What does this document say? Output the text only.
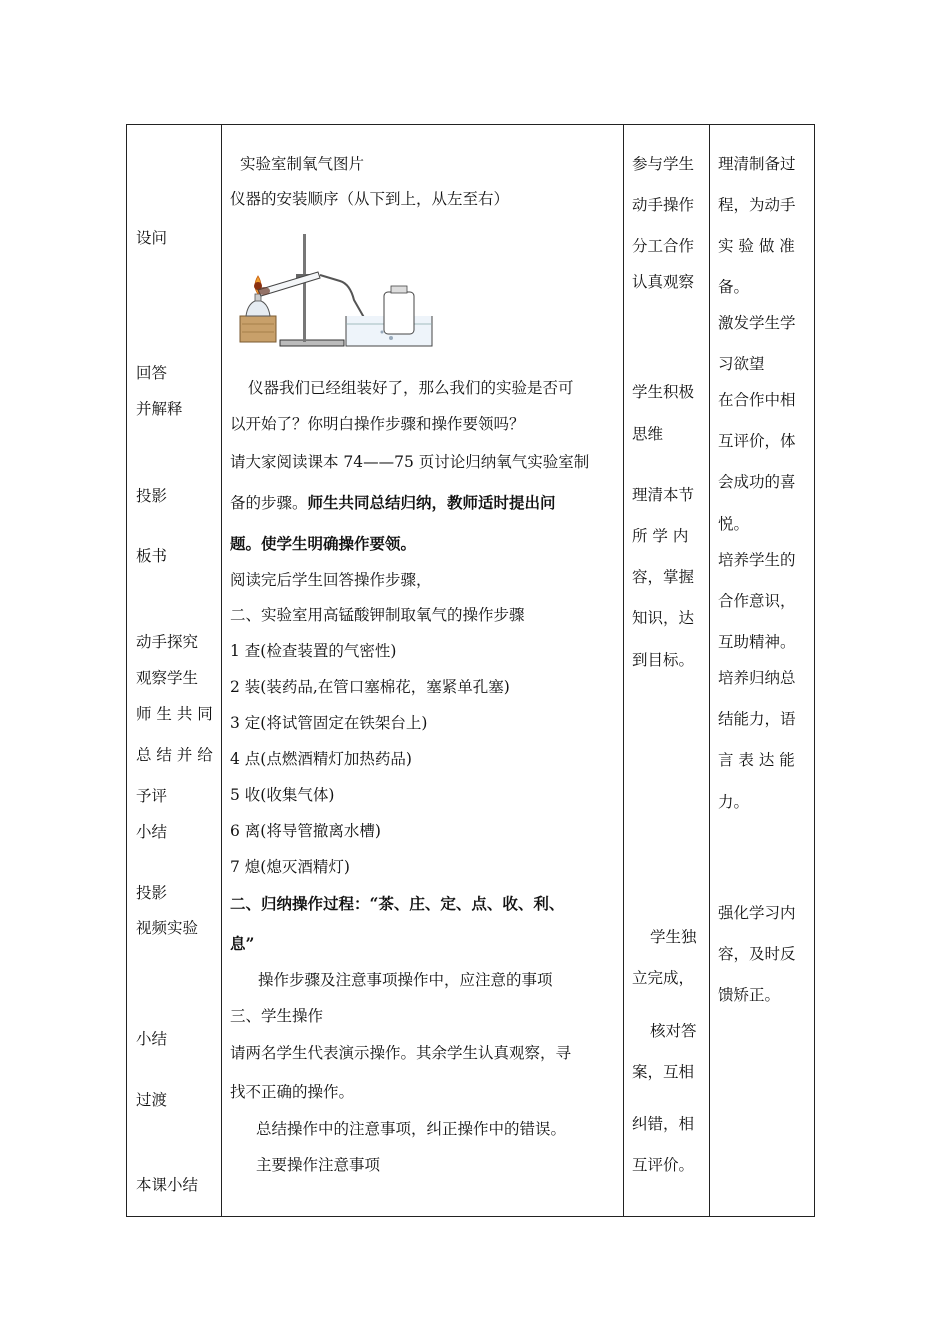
设问
回答
并解释
投影
板书
动手探究
观察学生
师 生 共 同
总 结 并 给
予评
小结
投影
视频实验
小结
过渡
本课小结
实验室制氧气图片
仪器的安装顺序（从下到上，从左至右）
仪器我们已经组装好了，那么我们的实验是否可
以开始了？你明白操作步骤和操作要领吗？
请大家阅读课本 74——75 页讨论归纳氧气实验室制
备的步骤。师生共同总结归纳，教师适时提出问
题。使学生明确操作要领。
阅读完后学生回答操作步骤，
二、实验室用高锰酸钾制取氧气的操作步骤
1 查(检查装置的气密性)
2 装(装药品,在管口塞棉花，塞紧单孔塞)
3 定(将试管固定在铁架台上)
4 点(点燃酒精灯加热药品)
5 收(收集气体)
6 离(将导管撤离水槽)
7 熄(熄灭酒精灯)
二、归纳操作过程：“茶、庄、定、点、收、利、
息”
操作步骤及注意事项操作中，应注意的事项
三、学生操作
请两名学生代表演示操作。其余学生认真观察，寻
找不正确的操作。
总结操作中的注意事项，纠正操作中的错误。
主要操作注意事项
参与学生
动手操作
分工合作
认真观察
学生积极
思维
理清本节
所 学 内
容，掌握
知识，达
到目标。
学生独
立完成，
核对答
案，互相
纠错，相
互评价。
理清制备过
程，为动手
实 验 做 准
备。
激发学生学
习欲望
在合作中相
互评价，体
会成功的喜
悦。
培养学生的
合作意识，
互助精神。
培养归纳总
结能力，语
言 表 达 能
力。
强化学习内
容，及时反
馈矫正。
